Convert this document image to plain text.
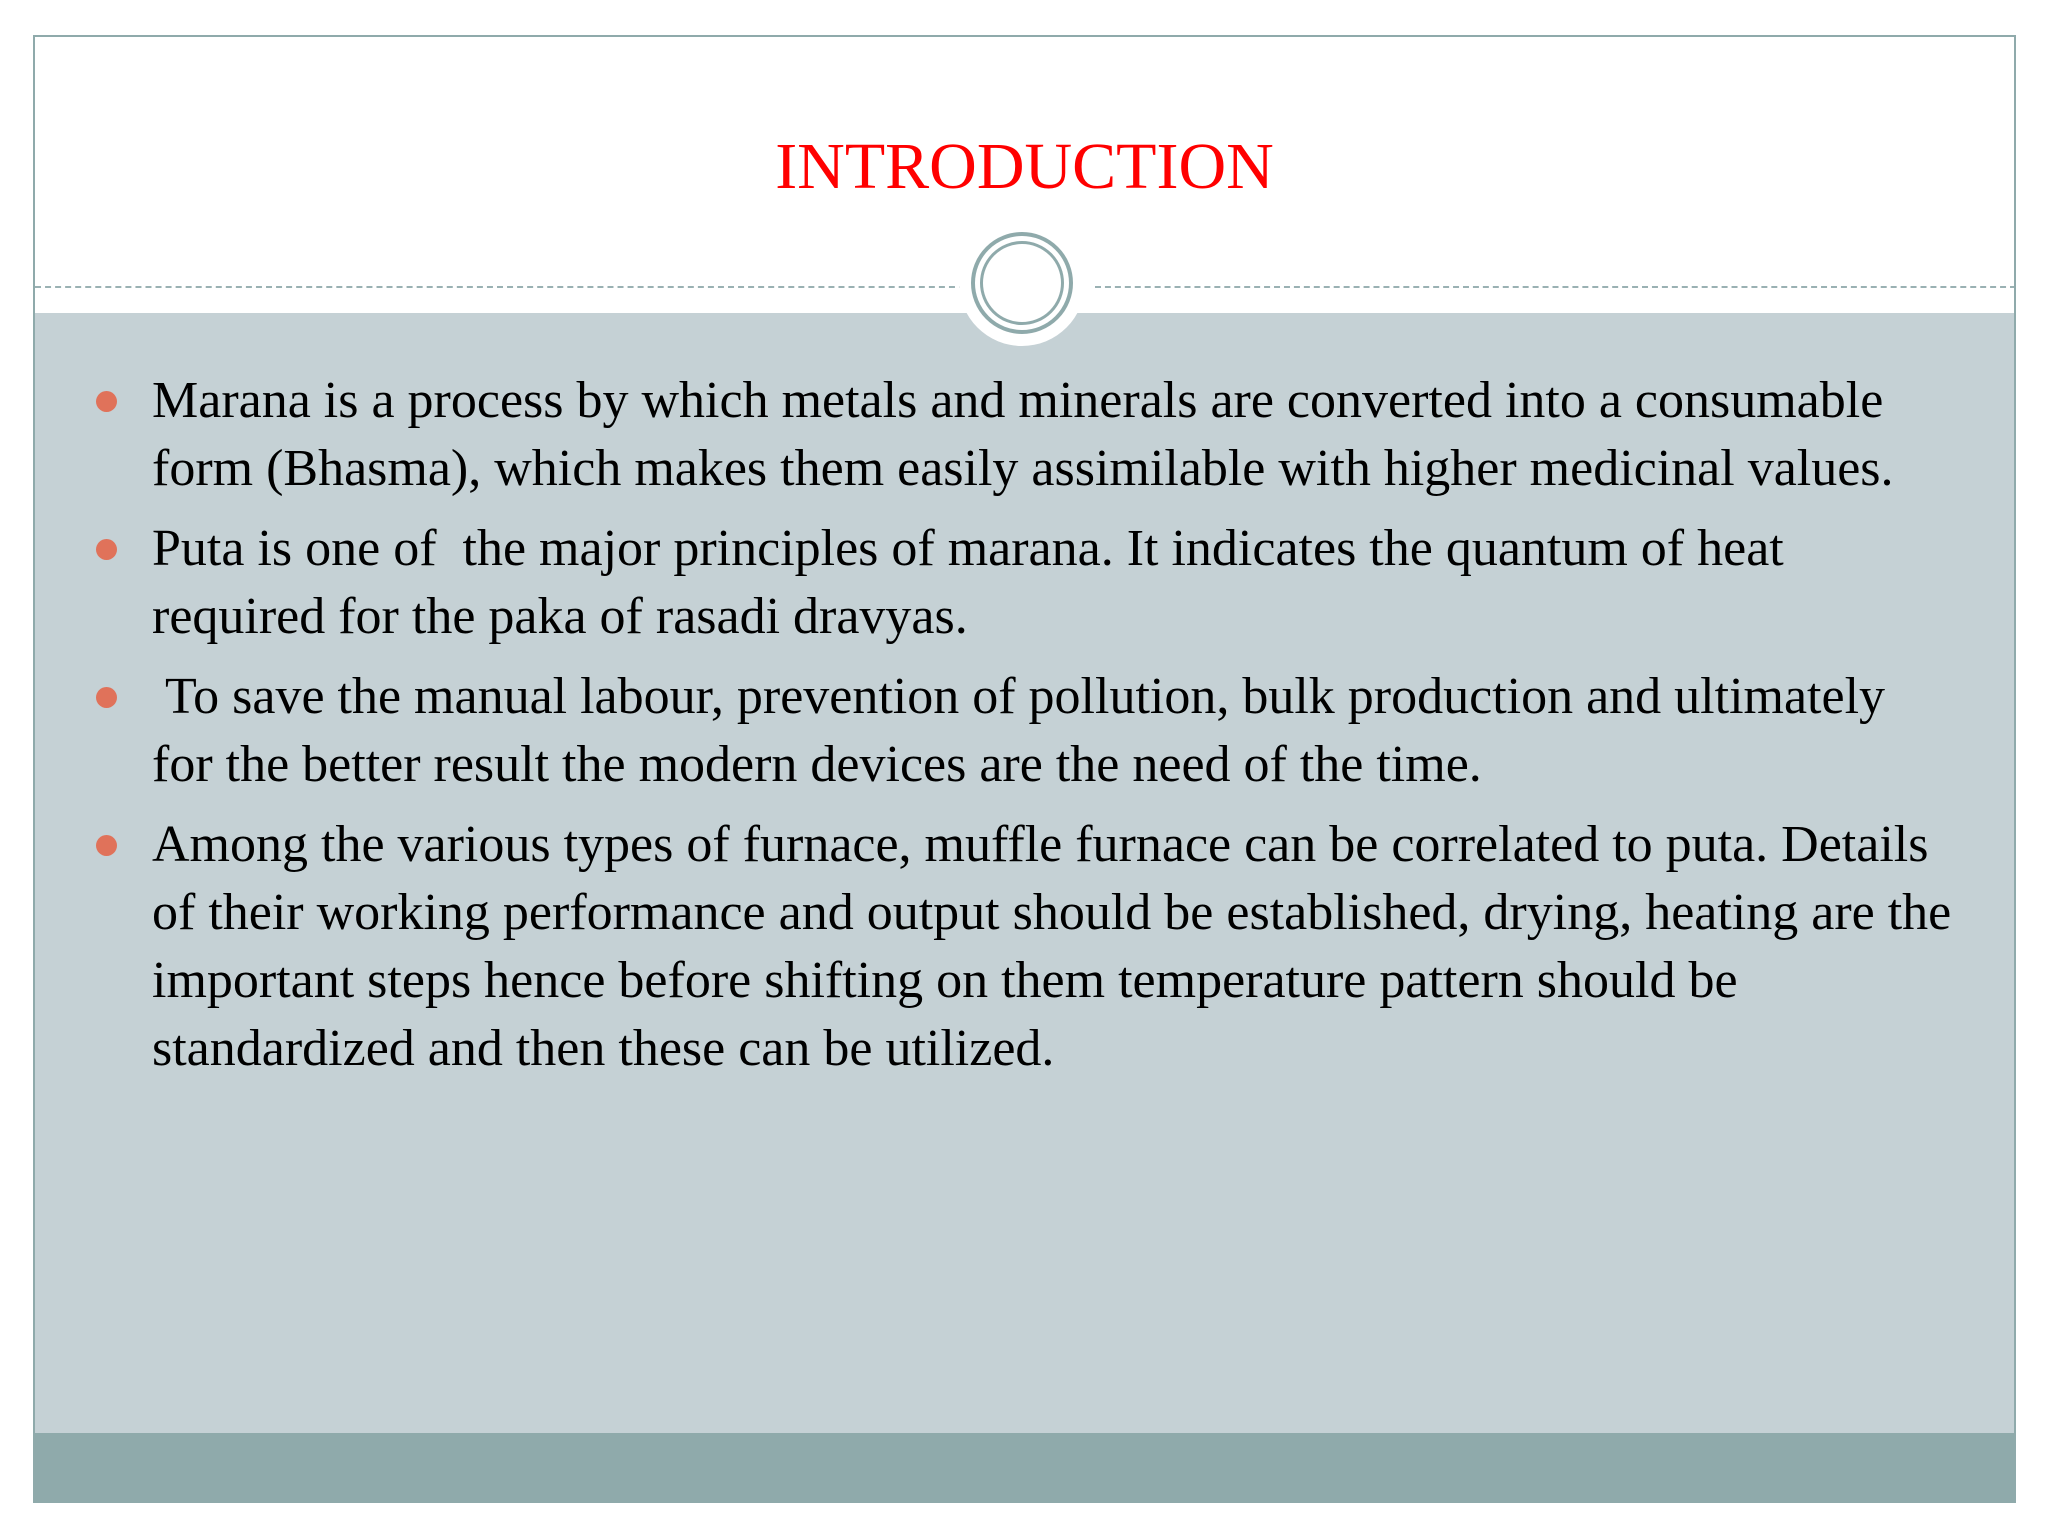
INTRODUCTION
Marana is a process by which metals and minerals are converted into a consumable form (Bhasma), which makes them easily assimilable with higher medicinal values.
Puta is one of  the major principles of marana. It indicates the quantum of heat required for the paka of rasadi dravyas.
To save the manual labour, prevention of pollution, bulk production and ultimately for the better result the modern devices are the need of the time.
Among the various types of furnace, muffle furnace can be correlated to puta. Details of their working performance and output should be established, drying, heating are the important steps hence before shifting on them temperature pattern should be standardized and then these can be utilized.
